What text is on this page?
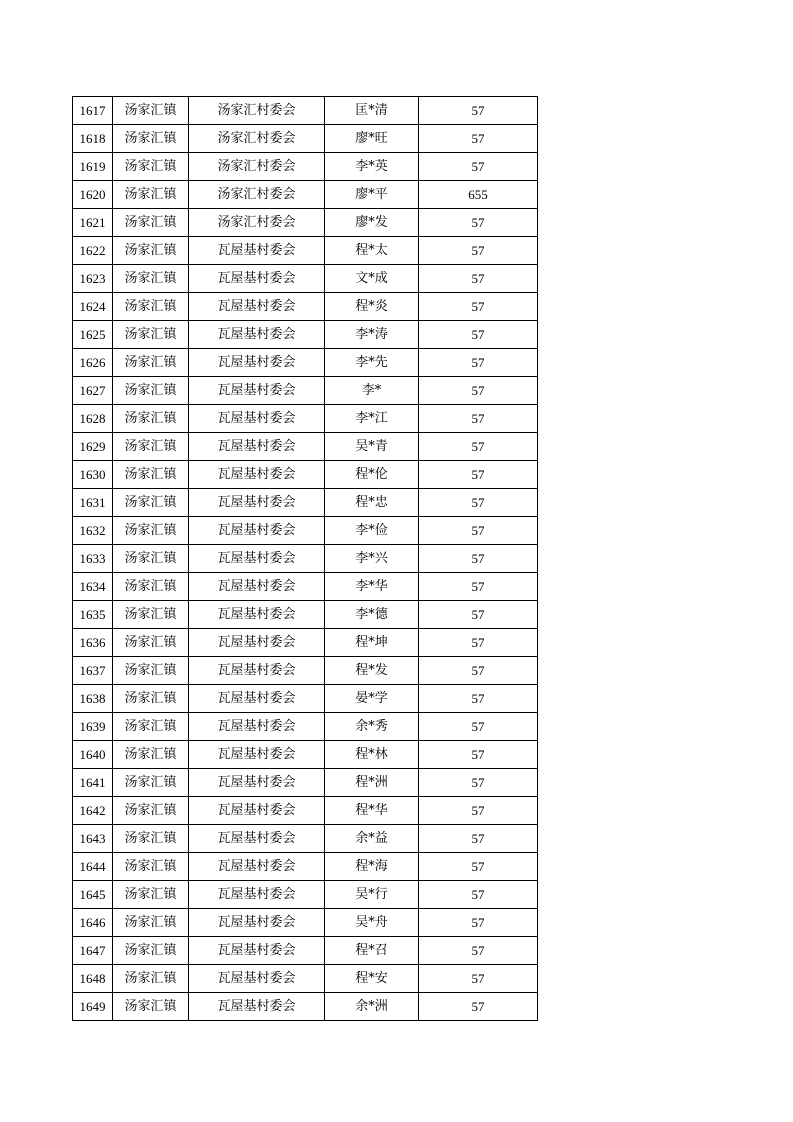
1617	汤家汇镇	汤家汇村委会	匡*清	57
1618	汤家汇镇	汤家汇村委会	廖*旺	57
1619	汤家汇镇	汤家汇村委会	李*英	57
1620	汤家汇镇	汤家汇村委会	廖*平	655
1621	汤家汇镇	汤家汇村委会	廖*发	57
1622	汤家汇镇	瓦屋基村委会	程*太	57
1623	汤家汇镇	瓦屋基村委会	文*成	57
1624	汤家汇镇	瓦屋基村委会	程*炎	57
1625	汤家汇镇	瓦屋基村委会	李*涛	57
1626	汤家汇镇	瓦屋基村委会	李*先	57
1627	汤家汇镇	瓦屋基村委会	李*	57
1628	汤家汇镇	瓦屋基村委会	李*江	57
1629	汤家汇镇	瓦屋基村委会	吴*青	57
1630	汤家汇镇	瓦屋基村委会	程*伦	57
1631	汤家汇镇	瓦屋基村委会	程*忠	57
1632	汤家汇镇	瓦屋基村委会	李*俭	57
1633	汤家汇镇	瓦屋基村委会	李*兴	57
1634	汤家汇镇	瓦屋基村委会	李*华	57
1635	汤家汇镇	瓦屋基村委会	李*德	57
1636	汤家汇镇	瓦屋基村委会	程*坤	57
1637	汤家汇镇	瓦屋基村委会	程*发	57
1638	汤家汇镇	瓦屋基村委会	晏*学	57
1639	汤家汇镇	瓦屋基村委会	余*秀	57
1640	汤家汇镇	瓦屋基村委会	程*林	57
1641	汤家汇镇	瓦屋基村委会	程*洲	57
1642	汤家汇镇	瓦屋基村委会	程*华	57
1643	汤家汇镇	瓦屋基村委会	余*益	57
1644	汤家汇镇	瓦屋基村委会	程*海	57
1645	汤家汇镇	瓦屋基村委会	吴*行	57
1646	汤家汇镇	瓦屋基村委会	吴*舟	57
1647	汤家汇镇	瓦屋基村委会	程*召	57
1648	汤家汇镇	瓦屋基村委会	程*安	57
1649	汤家汇镇	瓦屋基村委会	余*洲	57
